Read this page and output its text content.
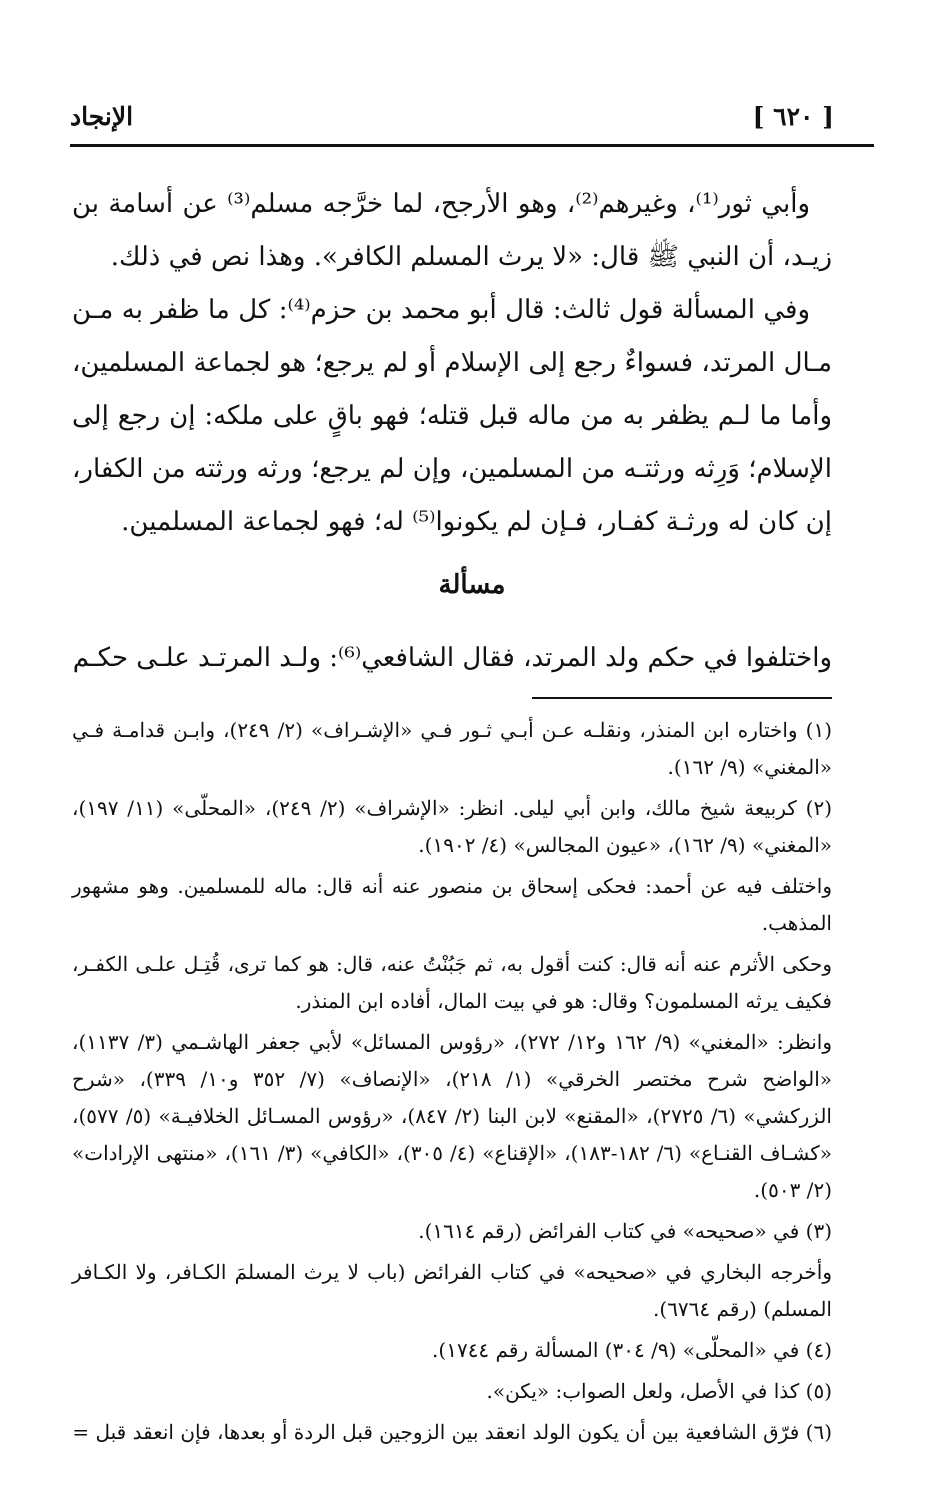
[ ٦٢٠ ]
الإنجاد

وأبي ثور⁽¹⁾، وغيرهم⁽²⁾، وهو الأرجح، لما خرَّجه مسلم⁽³⁾ عن أسامة بن زيـد، أن النبي ﷺ قال: «لا يرث المسلم الكافر». وهذا نص في ذلك.

وفي المسألة قول ثالث: قال أبو محمد بن حزم⁽⁴⁾: كل ما ظفر به مـن مـال المرتد، فسواءٌ رجع إلى الإسلام أو لم يرجع؛ هو لجماعة المسلمين، وأما ما لـم يظفر به من ماله قبل قتله؛ فهو باقٍ على ملكه: إن رجع إلى الإسلام؛ وَرِثه ورثتـه من المسلمين، وإن لم يرجع؛ ورثه ورثته من الكفار، إن كان له ورثـة كفـار، فـإن لم يكونوا⁽⁵⁾ له؛ فهو لجماعة المسلمين.

مسألة

واختلفوا في حكم ولد المرتد، فقال الشافعي⁽⁶⁾: ولـد المرتـد علـى حكـم

(١) واختاره ابن المنذر، ونقلـه عـن أبـي ثـور فـي «الإشـراف» (٢/ ٢٤٩)، وابـن قدامـة فـي «المغني» (٩/ ١٦٢).

(٢) كربيعة شيخ مالك، وابن أبي ليلى. انظر: «الإشراف» (٢/ ٢٤٩)، «المحلّى» (١١/ ١٩٧)، «المغني» (٩/ ١٦٢)، «عيون المجالس» (٤/ ١٩٠٢).

واختلف فيه عن أحمد: فحكى إسحاق بن منصور عنه أنه قال: ماله للمسلمين. وهو مشهور المذهب.

وحكى الأثرم عنه أنه قال: كنت أقول به، ثم جَبُنْتُ عنه، قال: هو كما ترى، قُتِـل علـى الكفـر، فكيف يرثه المسلمون؟ وقال: هو في بيت المال، أفاده ابن المنذر.

وانظر: «المغني» (٩/ ١٦٢ و١٢/ ٢٧٢)، «رؤوس المسائل» لأبي جعفر الهاشـمي (٣/ ١١٣٧)، «الواضح شرح مختصر الخرقي» (١/ ٢١٨)، «الإنصاف» (٧/ ٣٥٢ و١٠/ ٣٣٩)، «شرح الزركشي» (٦/ ٢٧٢٥)، «المقنع» لابن البنا (٢/ ٨٤٧)، «رؤوس المسـائل الخلافيـة» (٥/ ٥٧٧)، «كشـاف القنـاع» (٦/ ١٨٢-١٨٣)، «الإقناع» (٤/ ٣٠٥)، «الكافي» (٣/ ١٦١)، «منتهى الإرادات» (٢/ ٥٠٣).

(٣) في «صحيحه» في كتاب الفرائض (رقم ١٦١٤).

وأخرجه البخاري في «صحيحه» في كتاب الفرائض (باب لا يرث المسلمَ الكـافر، ولا الكـافر المسلم) (رقم ٦٧٦٤).

(٤) في «المحلّى» (٩/ ٣٠٤) المسألة رقم ١٧٤٤).

(٥) كذا في الأصل، ولعل الصواب: «يكن».

(٦) فرّق الشافعية بين أن يكون الولد انعقد بين الزوجين قبل الردة أو بعدها، فإن انعقد قبل =
